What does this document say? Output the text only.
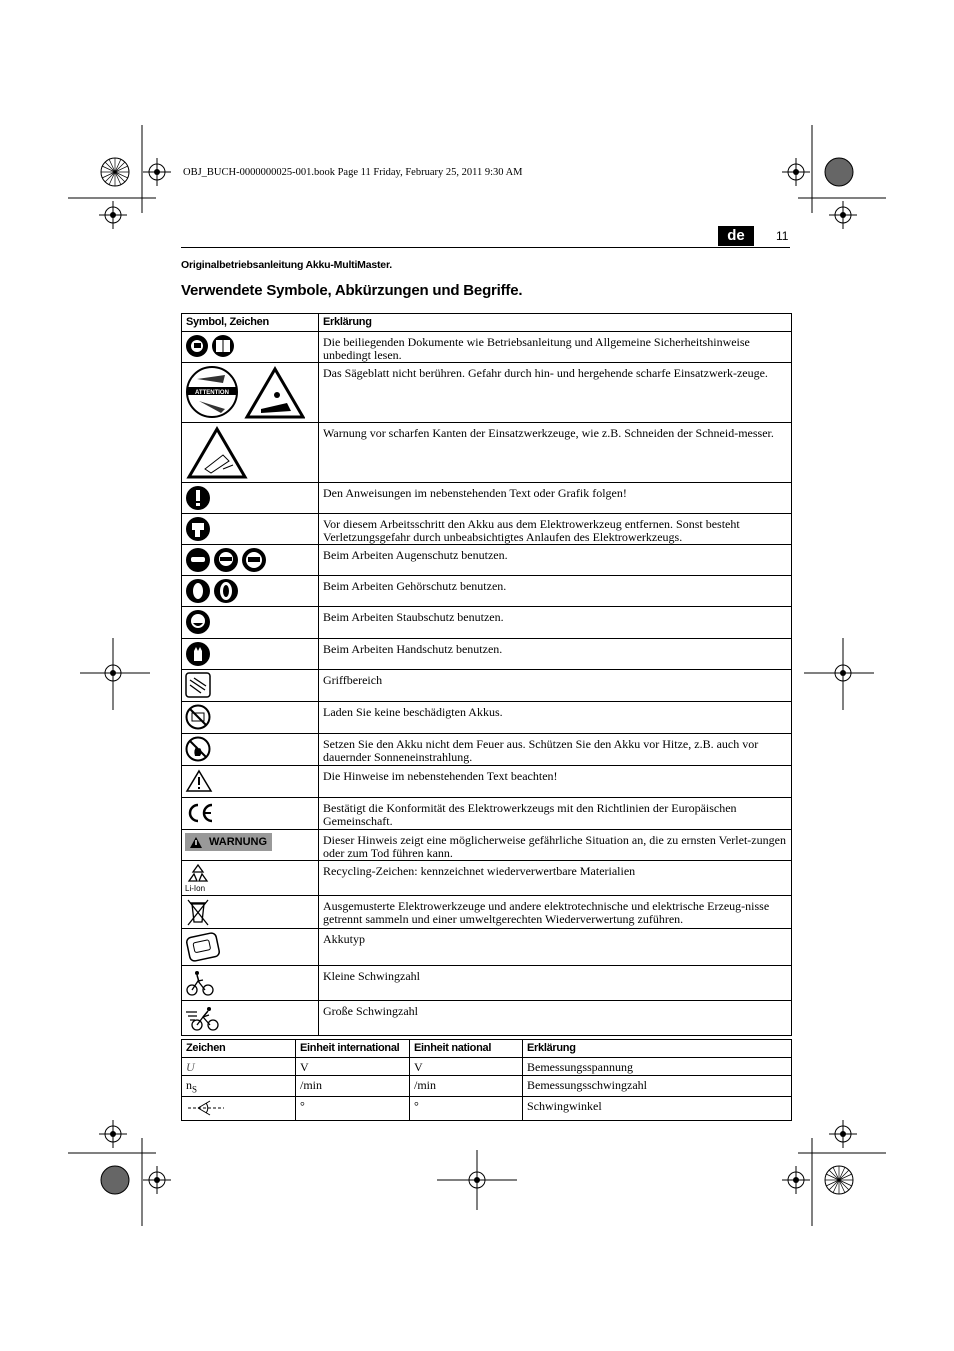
OBJ_BUCH-0000000025-001.book Page 11 Friday, February 25, 2011 9:30 AM
de	11
Originalbetriebsanleitung Akku-MultiMaster.
Verwendete Symbole, Abkürzungen und Begriffe.
Symbol, Zeichen	Erklärung
	Die beiliegenden Dokumente wie Betriebsanleitung und Allgemeine Sicherheitshinweise unbedingt lesen.

ATTENTION	Das Sägeblatt nicht berühren. Gefahr durch hin- und hergehende scharfe Einsatzwerk-zeuge.
	Warnung vor scharfen Kanten der Einsatzwerkzeuge, wie z.B. Schneiden der Schneid-messer.
	Den Anweisungen im nebenstehenden Text oder Grafik folgen!
	Vor diesem Arbeitsschritt den Akku aus dem Elektrowerkzeug entfernen. Sonst besteht Verletzungsgefahr durch unbeabsichtigtes Anlaufen des Elektrowerkzeugs.
	Beim Arbeiten Augenschutz benutzen.
	Beim Arbeiten Gehörschutz benutzen.
	Beim Arbeiten Staubschutz benutzen.
	Beim Arbeiten Handschutz benutzen.
	Griffbereich
	Laden Sie keine beschädigten Akkus.
	Setzen Sie den Akku nicht dem Feuer aus. Schützen Sie den Akku vor Hitze, z.B. auch vor dauernder Sonneneinstrahlung.
	Die Hinweise im nebenstehenden Text beachten!
	Bestätigt die Konformität des Elektrowerkzeugs mit den Richtlinien der Europäischen Gemeinschaft.

WARNUNG	Dieser Hinweis zeigt eine möglicherweise gefährliche Situation an, die zu ernsten Verlet-zungen oder zum Tod führen kann.

Li-Ion	Recycling-Zeichen: kennzeichnet wiederverwertbare Materialien
	Ausgemusterte Elektrowerkzeuge und andere elektrotechnische und elektrische Erzeug-nisse getrennt sammeln und einer umweltgerechten Wiederverwertung zuführen.
	Akkutyp
	Kleine Schwingzahl
	Große Schwingzahl
Zeichen	Einheit international	Einheit national	Erklärung
U	V	V	Bemessungsspannung
$n_S$	/min	/min	Bemessungsschwingzahl
	°	°	Schwingwinkel
